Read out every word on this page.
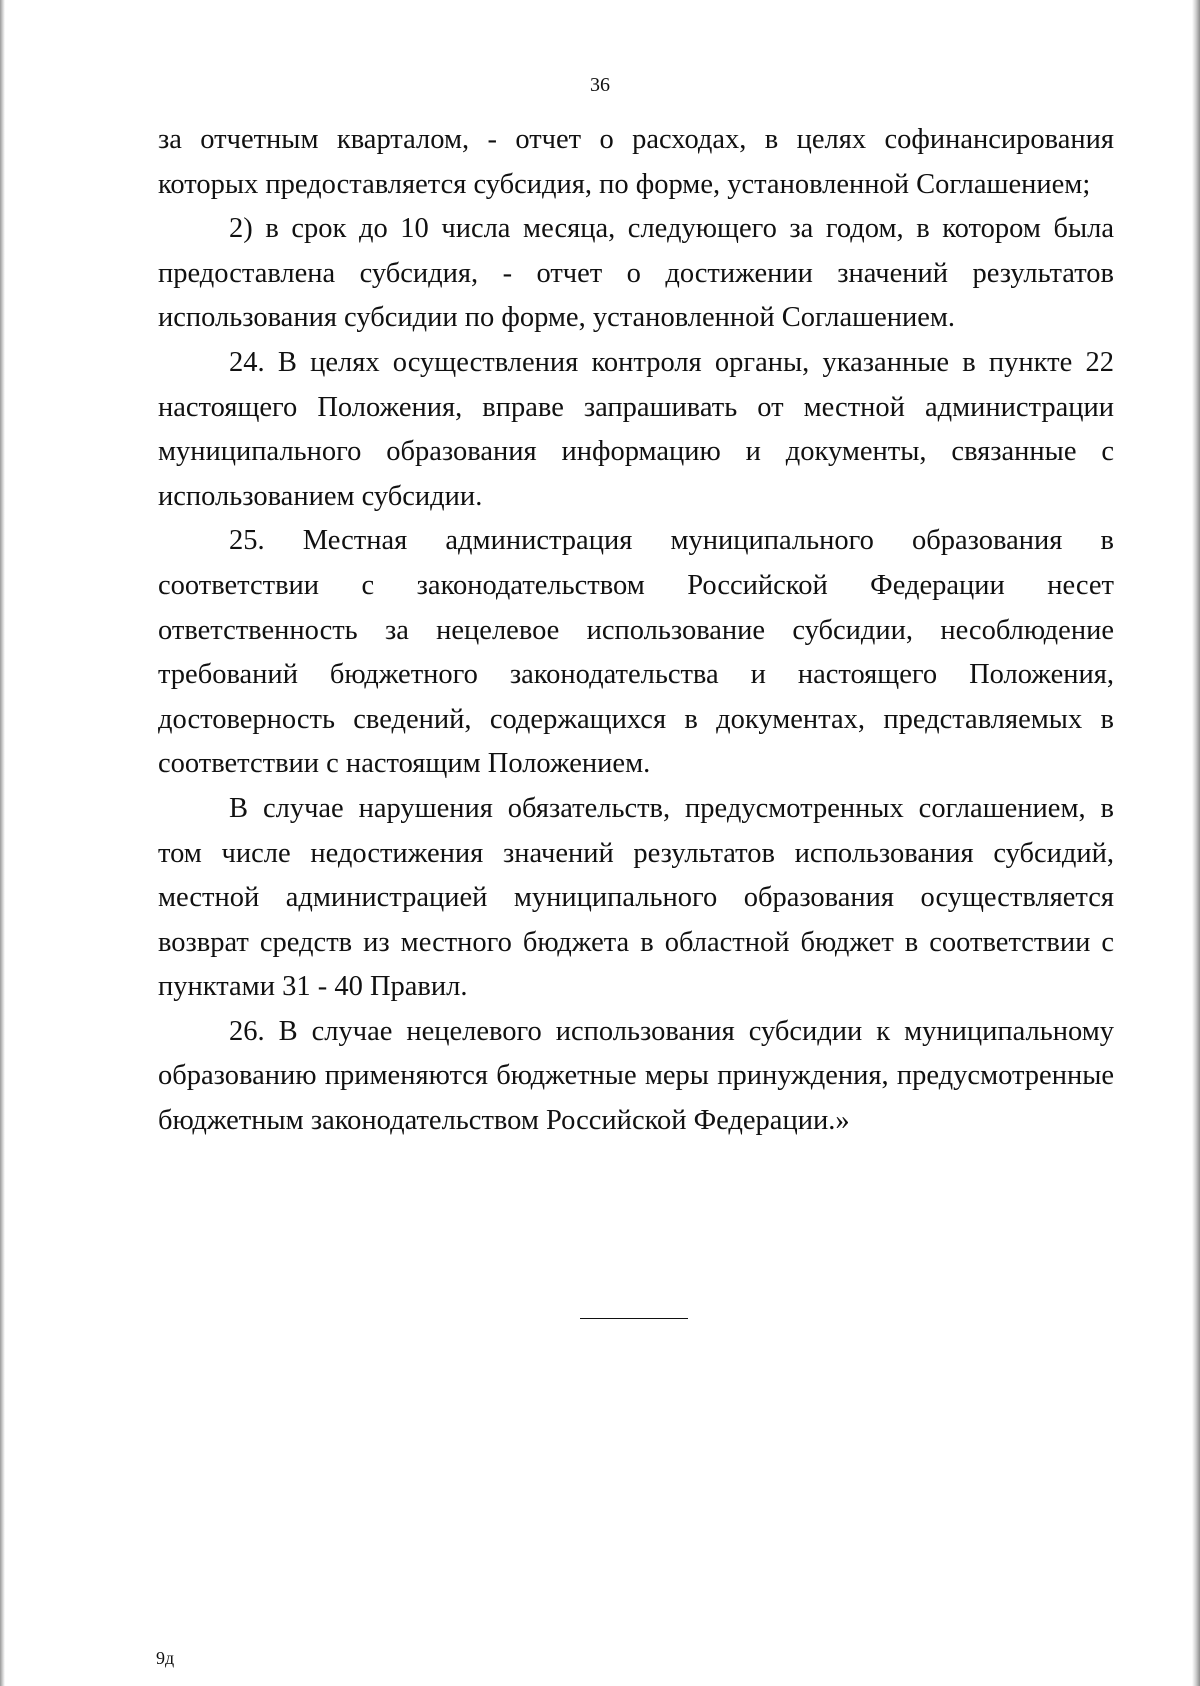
36

за отчетным кварталом, - отчет о расходах, в целях софинансирования которых предоставляется субсидия, по форме, установленной Соглашением;

2) в срок до 10 числа месяца, следующего за годом, в котором была предоставлена субсидия, - отчет о достижении значений результатов использования субсидии по форме, установленной Соглашением.

24. В целях осуществления контроля органы, указанные в пункте 22 настоящего Положения, вправе запрашивать от местной администрации муниципального образования информацию и документы, связанные с использованием субсидии.

25. Местная администрация муниципального образования в соответствии с законодательством Российской Федерации несет ответственность за нецелевое использование субсидии, несоблюдение требований бюджетного законодательства и настоящего Положения, достоверность сведений, содержащихся в документах, представляемых в соответствии с настоящим Положением.

В случае нарушения обязательств, предусмотренных соглашением, в том числе недостижения значений результатов использования субсидий, местной администрацией муниципального образования осуществляется возврат средств из местного бюджета в областной бюджет в соответствии с пунктами 31 - 40 Правил.

26. В случае нецелевого использования субсидии к муниципальному образованию применяются бюджетные меры принуждения, предусмотренные бюджетным законодательством Российской Федерации.»

9д
